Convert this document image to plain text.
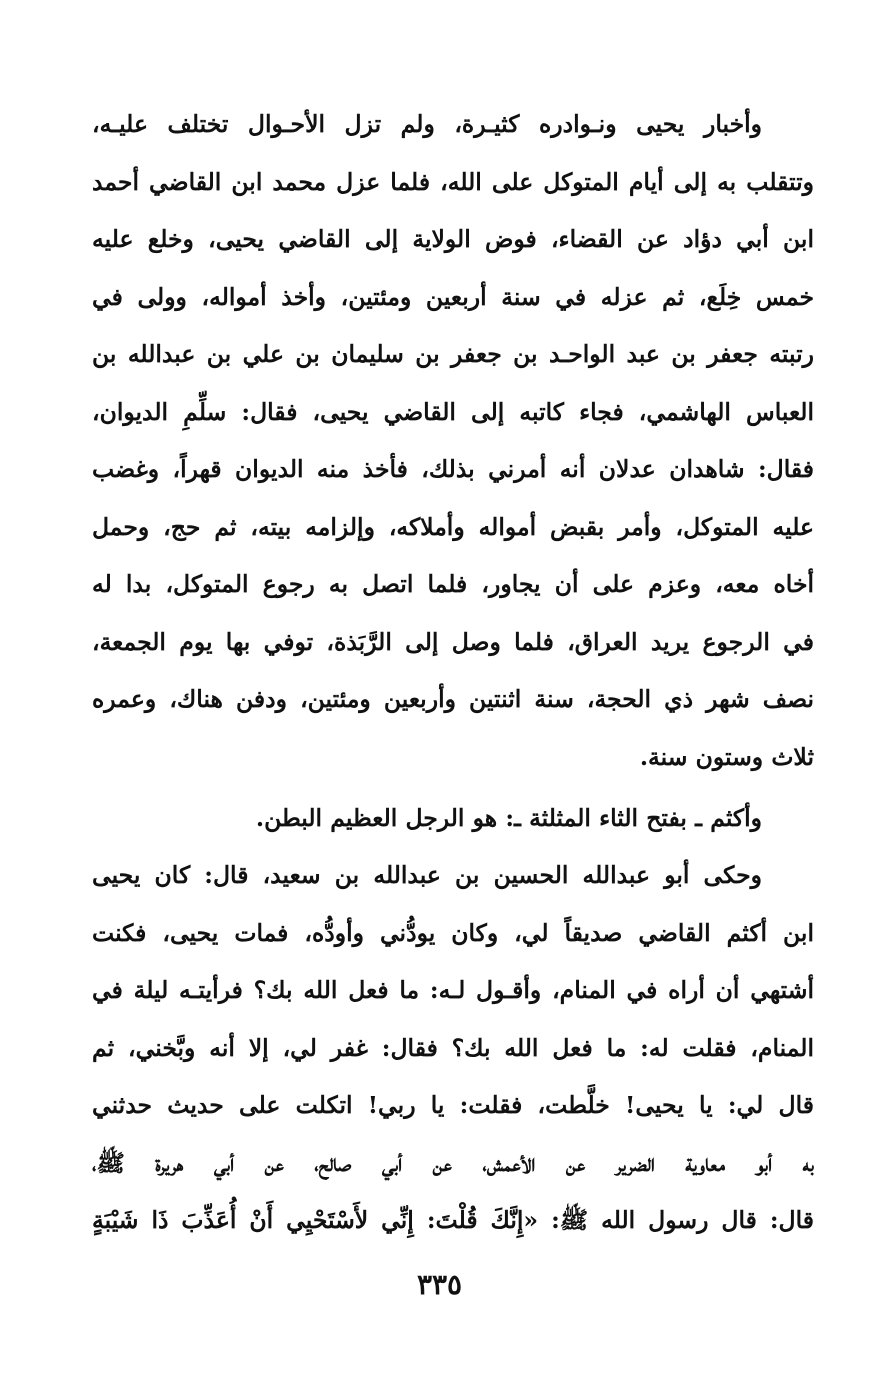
وأخبار يحيى ونـوادره كثيـرة، ولم تزل الأحـوال تختلف عليـه،
وتتقلب به إلى أيام المتوكل على الله، فلما عزل محمد ابن القاضي أحمد
ابن أبي دؤاد عن القضاء، فوض الولاية إلى القاضي يحيى، وخلع عليه
خمس خِلَع، ثم عزله في سنة أربعين ومئتين، وأخذ أمواله، وولى في
رتبته جعفر بن عبد الواحـد بن جعفر بن سليمان بن علي بن عبدالله بن
العباس الهاشمي، فجاء كاتبه إلى القاضي يحيى، فقال: سلِّمِ الديوان،
فقال: شاهدان عدلان أنه أمرني بذلك، فأخذ منه الديوان قهراً، وغضب
عليه المتوكل، وأمر بقبض أمواله وأملاكه، وإلزامه بيته، ثم حج، وحمل
أخاه معه، وعزم على أن يجاور، فلما اتصل به رجوع المتوكل، بدا له
في الرجوع يريد العراق، فلما وصل إلى الرَّبَذة، توفي بها يوم الجمعة،
نصف شهر ذي الحجة، سنة اثنتين وأربعين ومئتين، ودفن هناك، وعمره
ثلاث وستون سنة.
وأكثم ـ بفتح الثاء المثلثة ـ: هو الرجل العظيم البطن.
وحكى أبو عبدالله الحسين بن عبدالله بن سعيد، قال: كان يحيى
ابن أكثم القاضي صديقاً لي، وكان يودُّني وأودُّه، فمات يحيى، فكنت
أشتهي أن أراه في المنام، وأقـول لـه: ما فعل الله بك؟ فرأيتـه ليلة في
المنام، فقلت له: ما فعل الله بك؟ فقال: غفر لي، إلا أنه وبَّخني، ثم
قال لي: يا يحيى! خلَّطت، فقلت: يا ربي! اتكلت على حديث حدثني
به أبو معاوية الضرير عن الأعمش، عن أبي صالح، عن أبي هريرة ﷺ،
قال: قال رسول الله ﷺ: «إِنَّكَ قُلْتَ: إِنِّي لأَسْتَحْيِي أَنْ أُعَذِّبَ ذَا شَيْبَةٍ
٣٣٥
